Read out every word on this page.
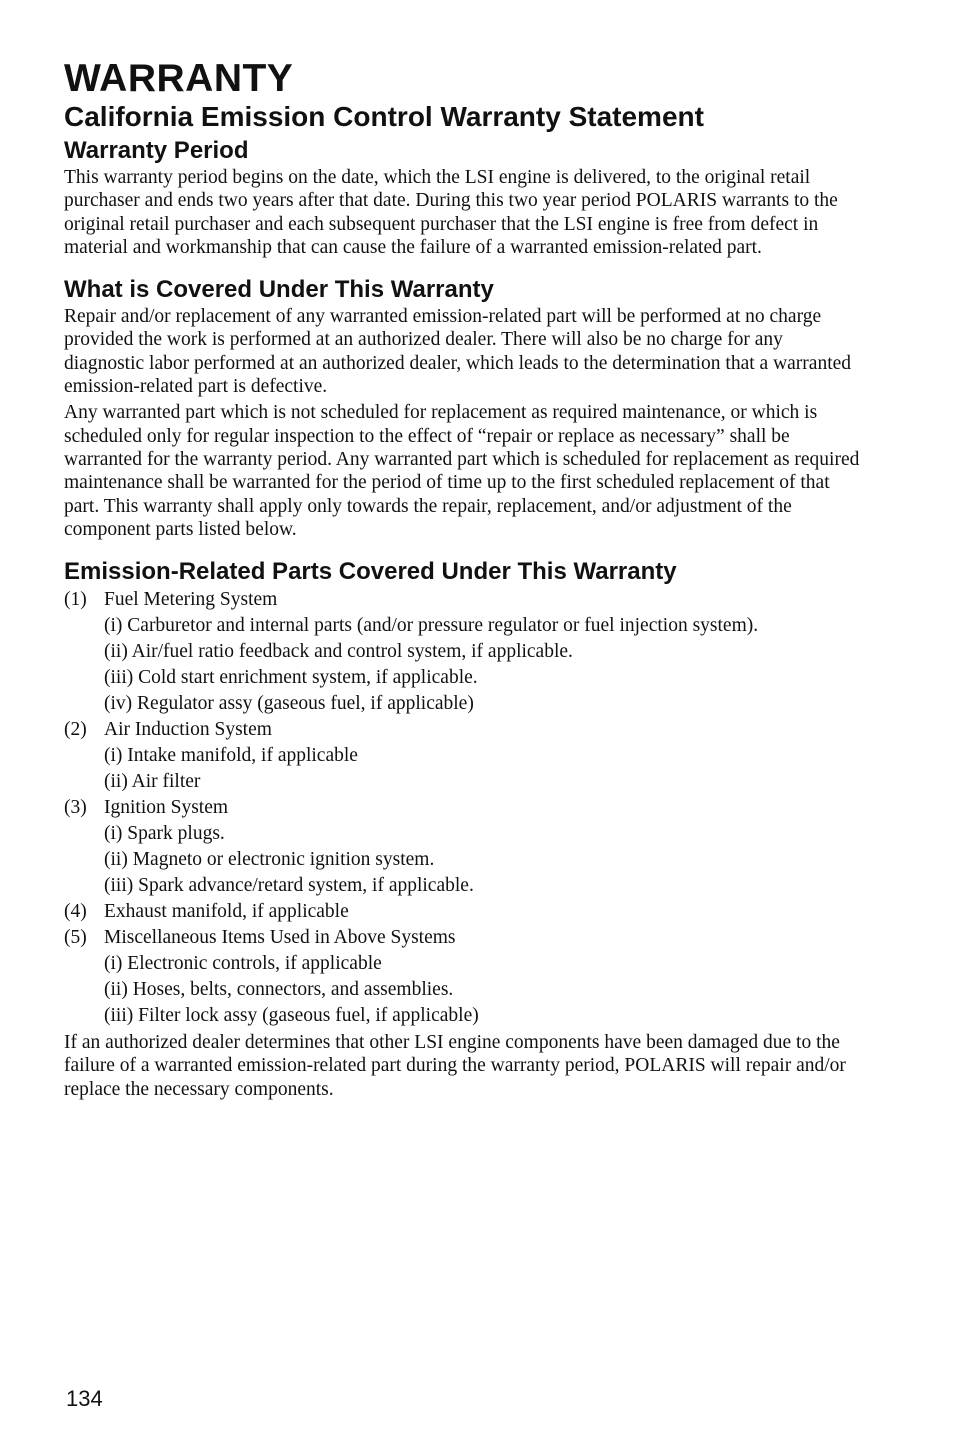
WARRANTY
California Emission Control Warranty Statement
Warranty Period

This warranty period begins on the date, which the LSI engine is delivered, to the original retail purchaser and ends two years after that date. During this two year period POLARIS warrants to the original retail purchaser and each subsequent purchaser that the LSI engine is free from defect in material and workmanship that can cause the failure of a warranted emission-related part.

What is Covered Under This Warranty

Repair and/or replacement of any warranted emission-related part will be performed at no charge provided the work is performed at an authorized dealer. There will also be no charge for any diagnostic labor performed at an authorized dealer, which leads to the determination that a warranted emission-related part is defective.

Any warranted part which is not scheduled for replacement as required maintenance, or which is scheduled only for regular inspection to the effect of “repair or replace as necessary” shall be warranted for the warranty period. Any warranted part which is scheduled for replacement as required maintenance shall be warranted for the period of time up to the first scheduled replacement of that part. This warranty shall apply only towards the repair, replacement, and/or adjustment of the component parts listed below.

Emission-Related Parts Covered Under This Warranty
(1) Fuel Metering System
(i) Carburetor and internal parts (and/or pressure regulator or fuel injection system).
(ii) Air/fuel ratio feedback and control system, if applicable.
(iii) Cold start enrichment system, if applicable.
(iv) Regulator assy (gaseous fuel, if applicable)
(2) Air Induction System
(i) Intake manifold, if applicable
(ii) Air filter
(3) Ignition System
(i) Spark plugs.
(ii) Magneto or electronic ignition system.
(iii) Spark advance/retard system, if applicable.
(4) Exhaust manifold, if applicable
(5) Miscellaneous Items Used in Above Systems
(i) Electronic controls, if applicable
(ii) Hoses, belts, connectors, and assemblies.
(iii) Filter lock assy (gaseous fuel, if applicable)

If an authorized dealer determines that other LSI engine components have been damaged due to the failure of a warranted emission-related part during the warranty period, POLARIS will repair and/or replace the necessary components.

134
